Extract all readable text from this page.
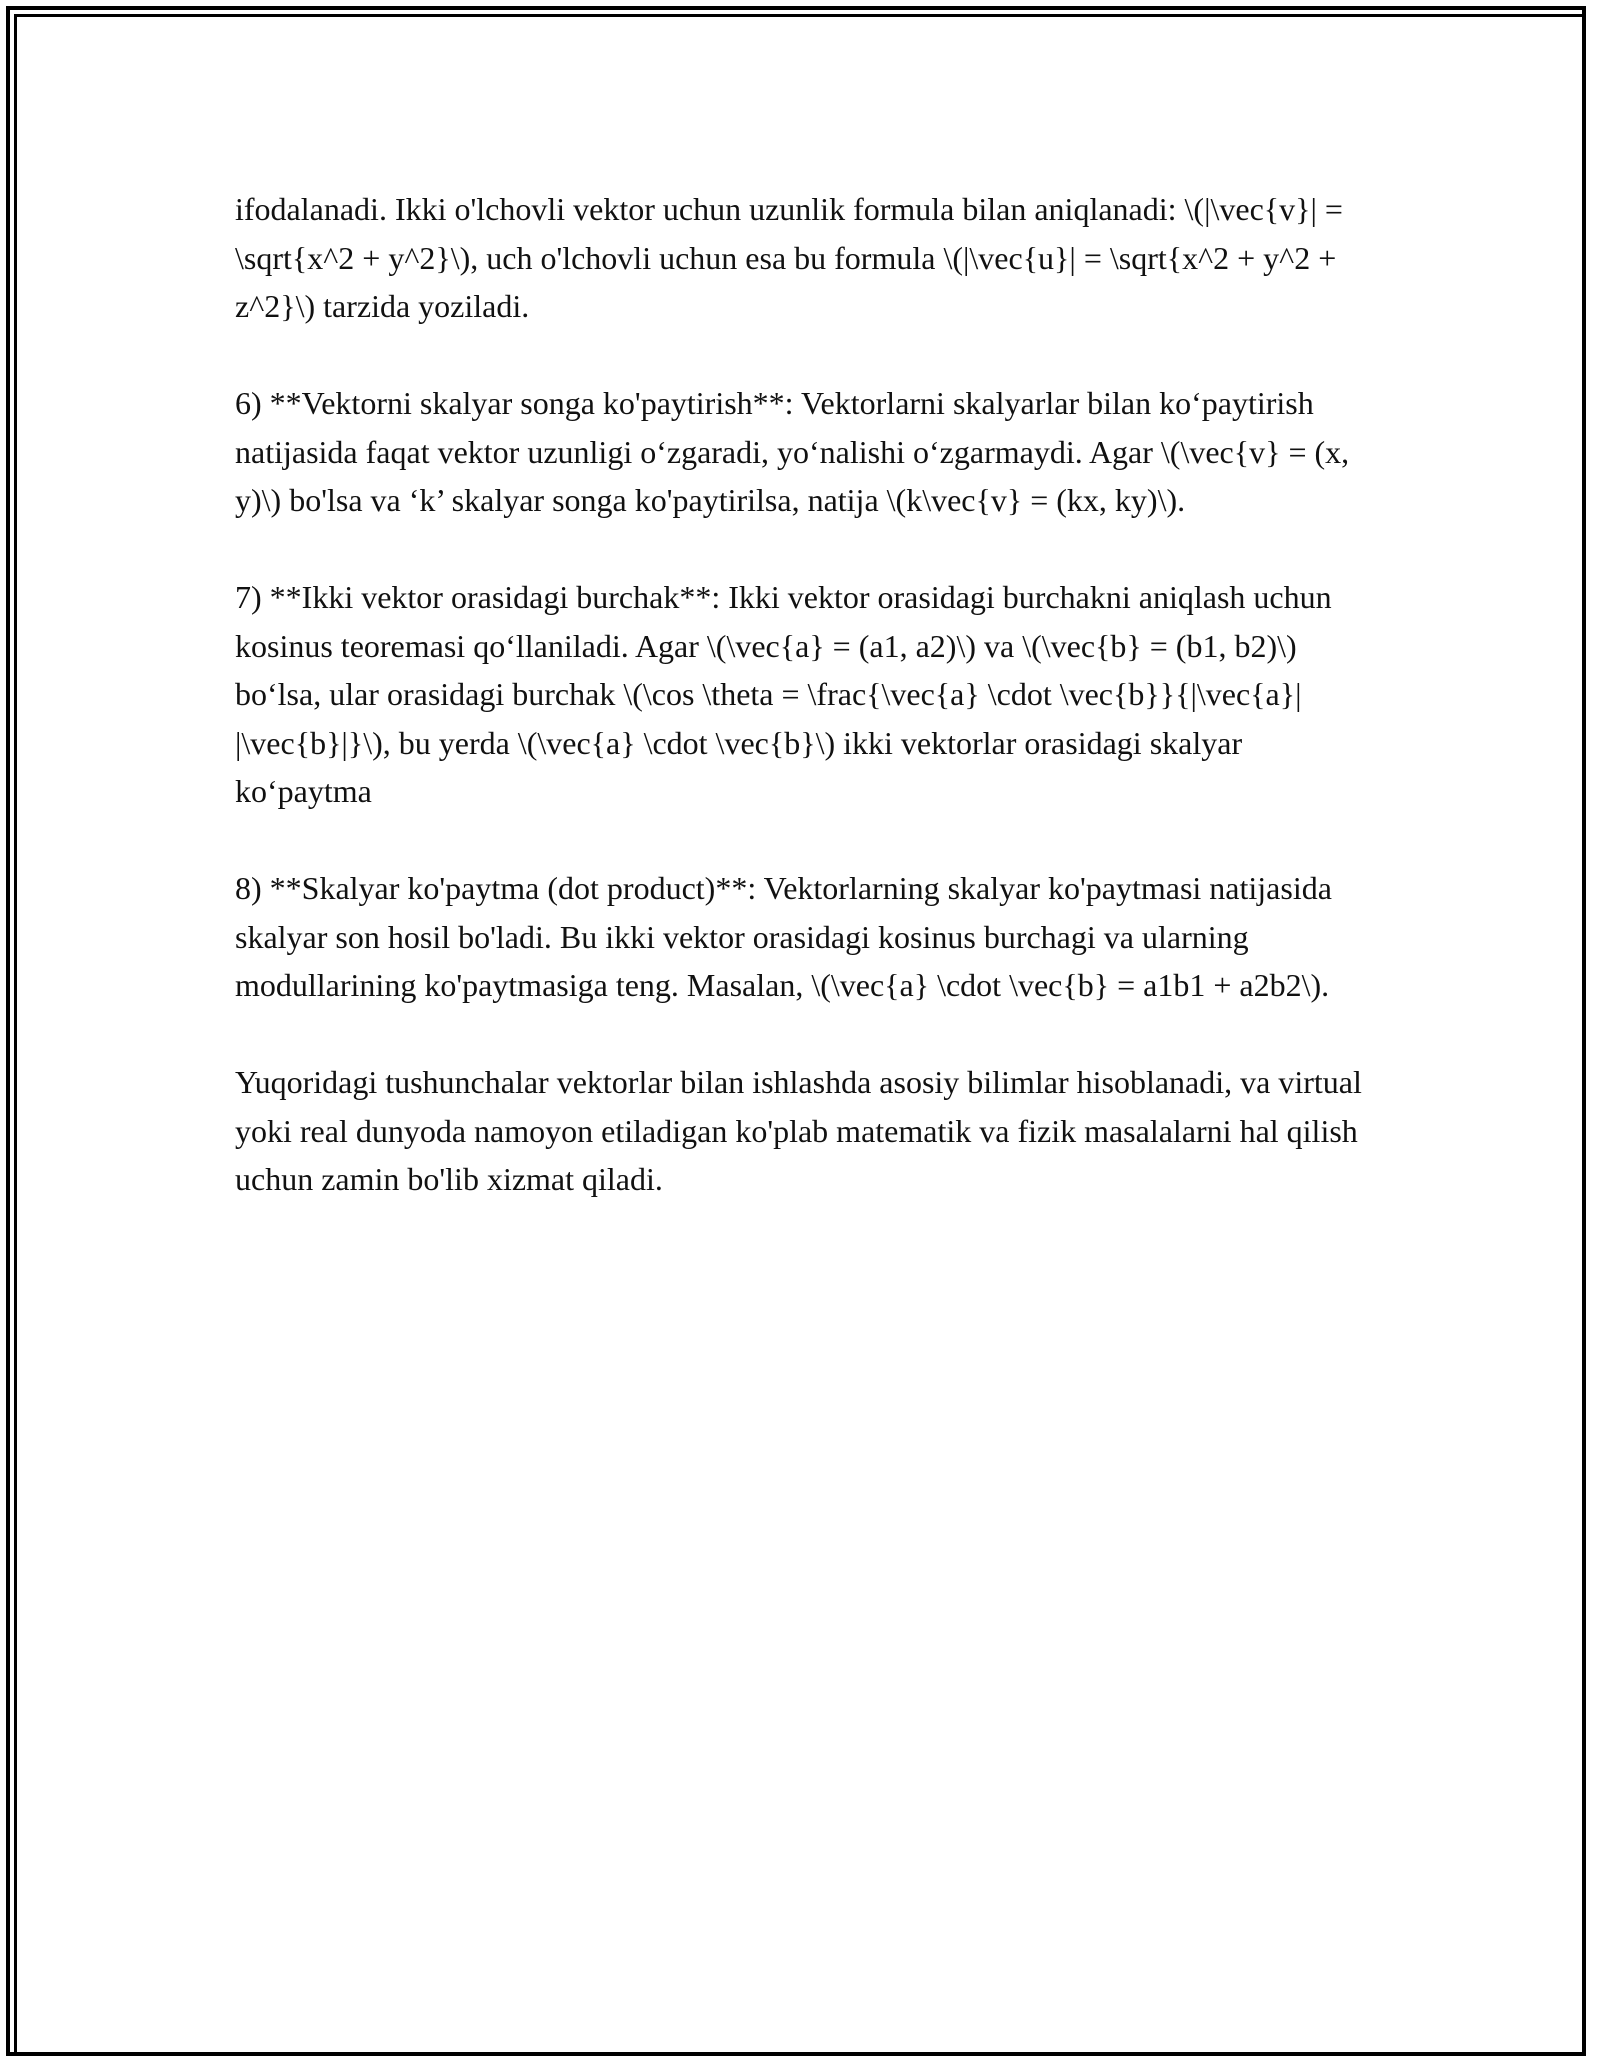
ifodalanadi. Ikki o'lchovli vektor uchun uzunlik formula bilan aniqlanadi: \(|\vec{v}| = \sqrt{x^2 + y^2}\), uch o'lchovli uchun esa bu formula \(|\vec{u}| = \sqrt{x^2 + y^2 + z^2}\) tarzida yoziladi.

6) **Vektorni skalyar songa ko'paytirish**: Vektorlarni skalyarlar bilan ko‘paytirish natijasida faqat vektor uzunligi o‘zgaradi, yo‘nalishi o‘zgarmaydi. Agar \(\vec{v} = (x, y)\) bo'lsa va ‘k’ skalyar songa ko'paytirilsa, natija \(k\vec{v} = (kx, ky)\).

7) **Ikki vektor orasidagi burchak**: Ikki vektor orasidagi burchakni aniqlash uchun kosinus teoremasi qo‘llaniladi. Agar \(\vec{a} = (a1, a2)\) va \(\vec{b} = (b1, b2)\) bo‘lsa, ular orasidagi burchak \(\cos \theta = \frac{\vec{a} \cdot \vec{b}}{|\vec{a}| |\vec{b}|}\), bu yerda \(\vec{a} \cdot \vec{b}\) ikki vektorlar orasidagi skalyar ko‘paytma

8) **Skalyar ko'paytma (dot product)**: Vektorlarning skalyar ko'paytmasi natijasida skalyar son hosil bo'ladi. Bu ikki vektor orasidagi kosinus burchagi va ularning modullarining ko'paytmasiga teng. Masalan, \(\vec{a} \cdot \vec{b} = a1b1 + a2b2\).

Yuqoridagi tushunchalar vektorlar bilan ishlashda asosiy bilimlar hisoblanadi, va virtual yoki real dunyoda namoyon etiladigan ko'plab matematik va fizik masalalarni hal qilish uchun zamin bo'lib xizmat qiladi.
